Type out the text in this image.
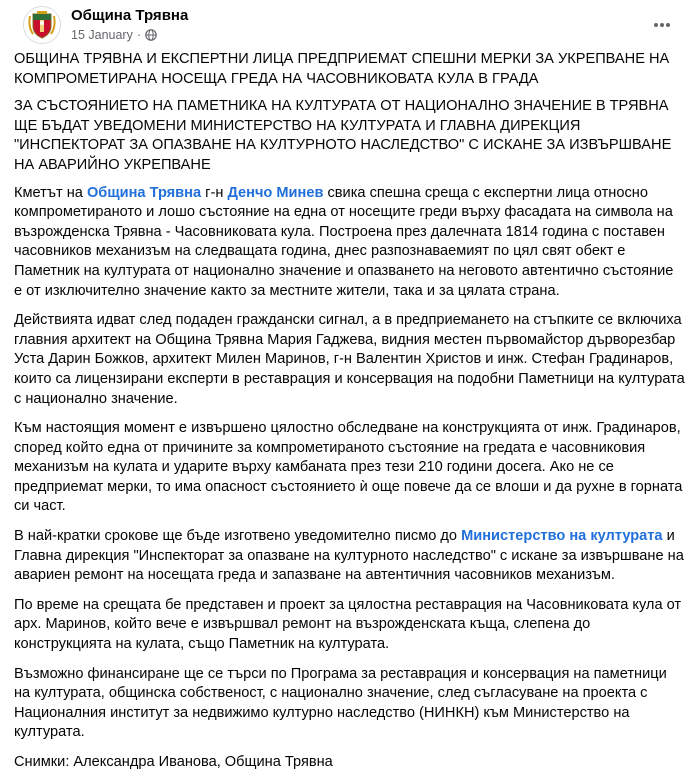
Община Трявна
15 January ·

ОБЩИНА ТРЯВНА И ЕКСПЕРТНИ ЛИЦА ПРЕДПРИЕМАТ СПЕШНИ МЕРКИ ЗА УКРЕПВАНЕ НА КОМПРОМЕТИРАНА НОСЕЩА ГРЕДА НА ЧАСОВНИКОВАТА КУЛА В ГРАДА

ЗА СЪСТОЯНИЕТО НА ПАМЕТНИКА НА КУЛТУРАТА ОТ НАЦИОНАЛНО ЗНАЧЕНИЕ В ТРЯВНА ЩЕ БЪДАТ УВЕДОМЕНИ МИНИСТЕРСТВО НА КУЛТУРАТА И ГЛАВНА ДИРЕКЦИЯ "ИНСПЕКТОРАТ ЗА ОПАЗВАНЕ НА КУЛТУРНОТО НАСЛЕДСТВО" С ИСКАНЕ ЗА ИЗВЪРШВАНЕ НА АВАРИЙНО УКРЕПВАНЕ

Кметът на Община Трявна г-н Денчо Минев свика спешна среща с експертни лица относно компрометираното и лошо състояние на една от носещите греди върху фасадата на символа на възрожденска Трявна - Часовниковата кула. Построена през далечната 1814 година с поставен часовников механизъм на следващата година, днес разпознаваемият по цял свят обект е Паметник на културата от национално значение и опазването на неговото автентично състояние е от изключително значение както за местните жители, така и за цялата страна.

Действията идват след подаден граждански сигнал, а в предприемането на стъпките се включиха главния архитект на Община Трявна Мария Гаджева, видния местен първомайстор дърворезбар Уста Дарин Божков, архитект Милен Маринов, г-н Валентин Христов и инж. Стефан Градинаров, които са лицензирани експерти в реставрация и консервация на подобни Паметници на културата с национално значение.

Към настоящия момент е извършено цялостно обследване на конструкцията от инж. Градинаров, според който една от причините за компрометираното състояние на гредата е часовниковия механизъм на кулата и ударите върху камбаната през тези 210 години досега. Ако не се предприемат мерки, то има опасност състоянието ѝ още повече да се влоши и да рухне в горната си част.

В най-кратки срокове ще бъде изготвено уведомително писмо до Министерство на културата и Главна дирекция "Инспекторат за опазване на културното наследство" с искане за извършване на авариен ремонт на носещата греда и запазване на автентичния часовников механизъм.

По време на срещата бе представен и проект за цялостна реставрация на Часовниковата кула от арх. Маринов, който вече е извършвал ремонт на възрожденската къща, слепена до конструкцията на кулата, също Паметник на културата.

Възможно финансиране ще се търси по Програма за реставрация и консервация на паметници на културата, общинска собственост, с национално значение, след съгласуване на проекта с Националния институт за недвижимо културно наследство (НИНКН) към Министерство на културата.

Снимки: Александра Иванова, Община Трявна
